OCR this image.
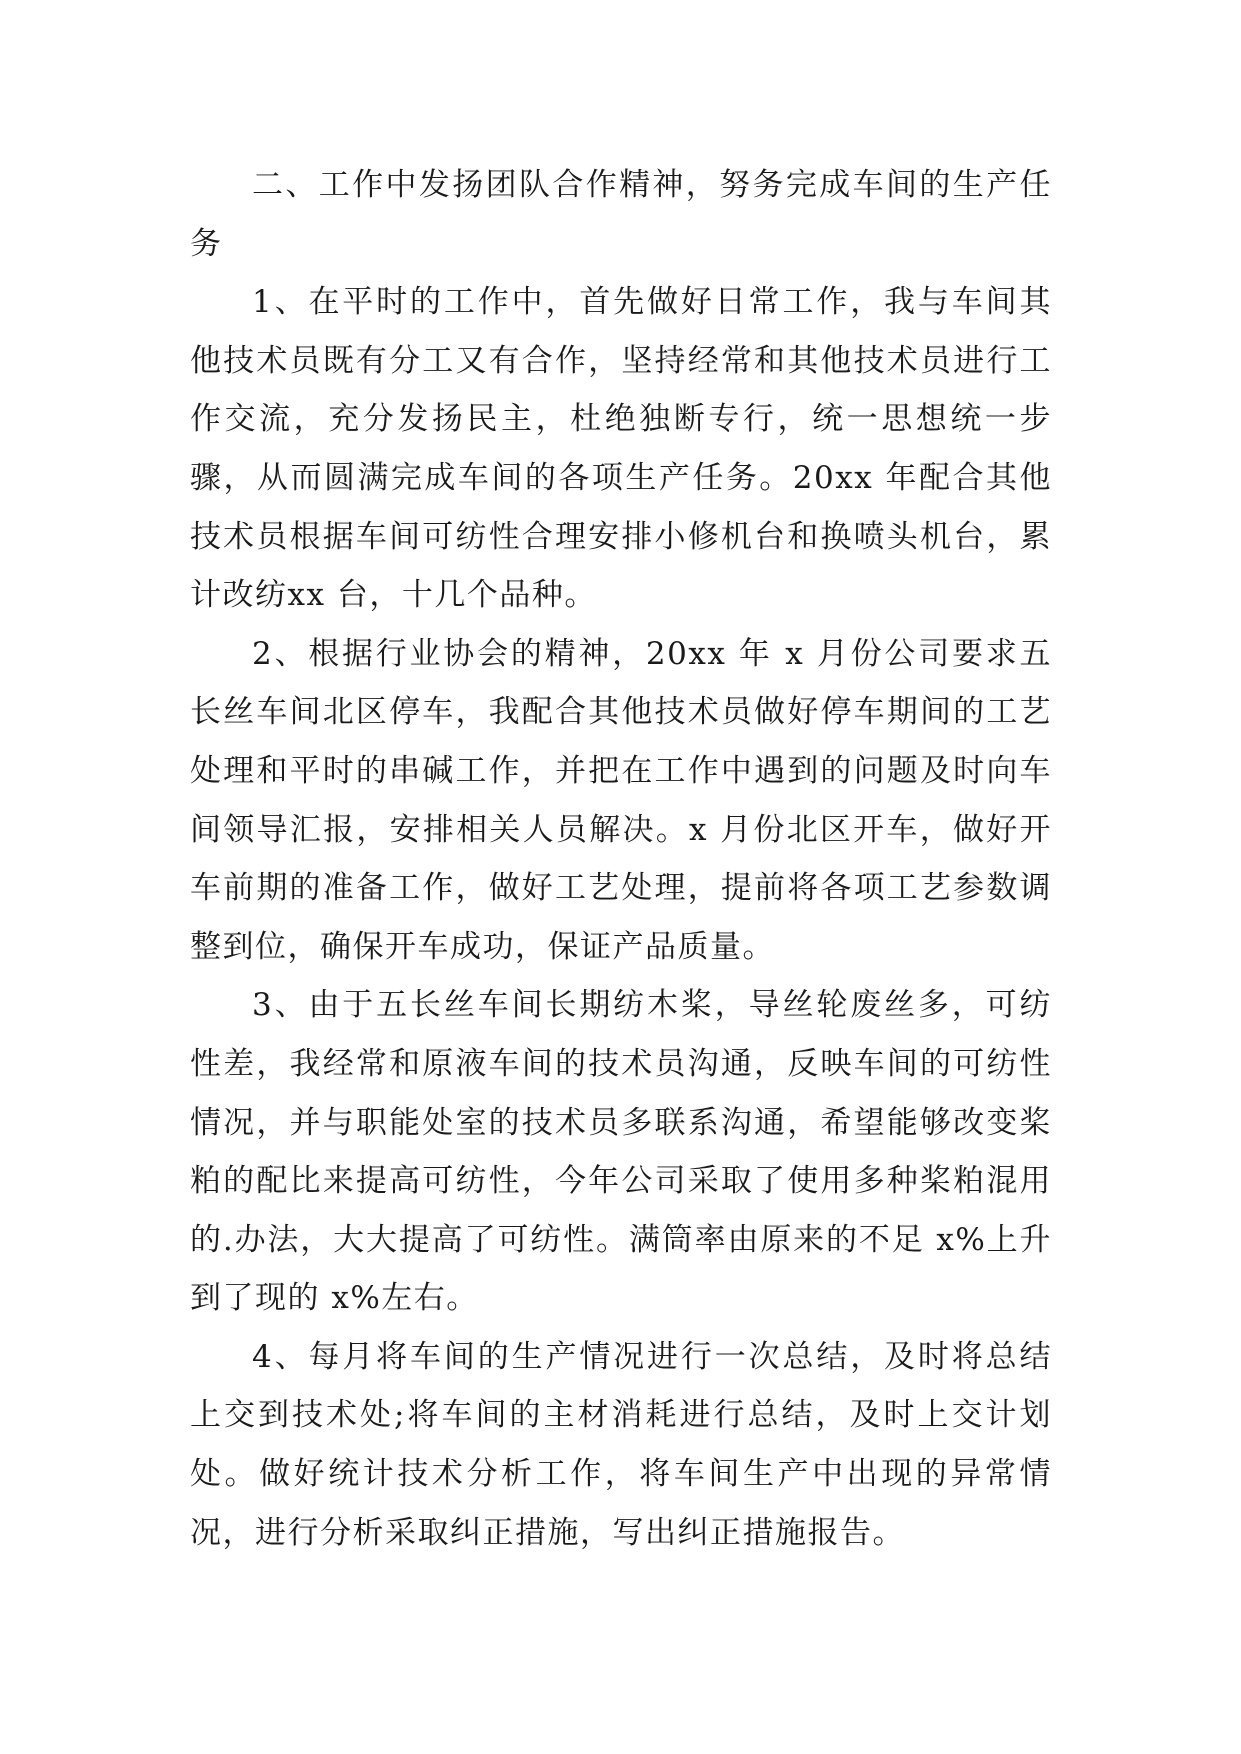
二、工作中发扬团队合作精神，努务完成车间的生产任务

1、在平时的工作中，首先做好日常工作，我与车间其他技术员既有分工又有合作，坚持经常和其他技术员进行工作交流，充分发扬民主，杜绝独断专行，统一思想统一步骤，从而圆满完成车间的各项生产任务。20xx 年配合其他技术员根据车间可纺性合理安排小修机台和换喷头机台，累计改纺xx 台，十几个品种。

2、根据行业协会的精神，20xx 年 x 月份公司要求五长丝车间北区停车，我配合其他技术员做好停车期间的工艺处理和平时的串碱工作，并把在工作中遇到的问题及时向车间领导汇报，安排相关人员解决。x 月份北区开车，做好开车前期的准备工作，做好工艺处理，提前将各项工艺参数调整到位，确保开车成功，保证产品质量。

3、由于五长丝车间长期纺木桨，导丝轮废丝多，可纺性差，我经常和原液车间的技术员沟通，反映车间的可纺性情况，并与职能处室的技术员多联系沟通，希望能够改变桨粕的配比来提高可纺性，今年公司采取了使用多种桨粕混用的.办法，大大提高了可纺性。满筒率由原来的不足 x%上升到了现的 x%左右。

4、每月将车间的生产情况进行一次总结，及时将总结上交到技术处;将车间的主材消耗进行总结，及时上交计划处。做好统计技术分析工作，将车间生产中出现的异常情况，进行分析采取纠正措施，写出纠正措施报告。
